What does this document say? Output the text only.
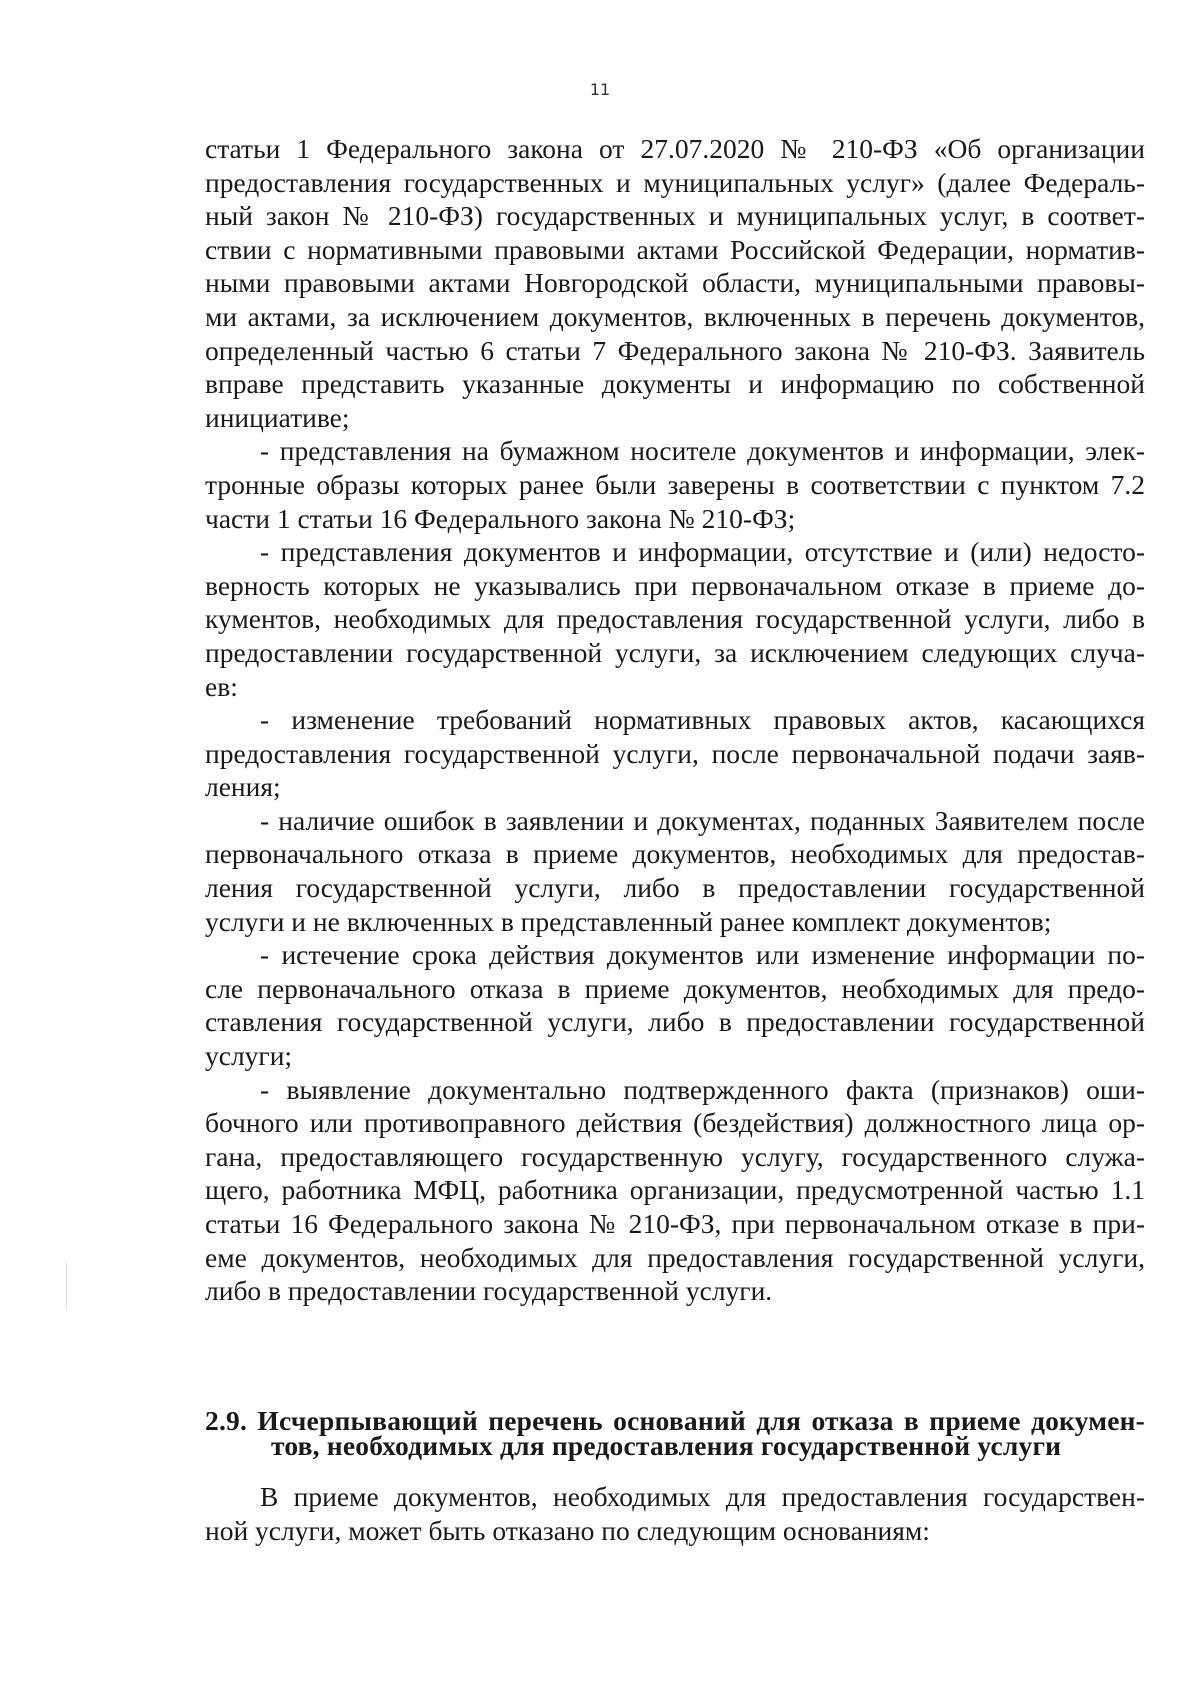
11
статьи 1 Федерального закона от 27.07.2020 № 210-ФЗ «Об организации
предоставления государственных и муниципальных услуг» (далее Федераль-
ный закон № 210-ФЗ) государственных и муниципальных услуг, в соответ-
ствии с нормативными правовыми актами Российской Федерации, норматив-
ными правовыми актами Новгородской области, муниципальными правовы-
ми актами, за исключением документов, включенных в перечень документов,
определенный частью 6 статьи 7 Федерального закона № 210-ФЗ. Заявитель
вправе представить указанные документы и информацию по собственной
инициативе;
- представления на бумажном носителе документов и информации, элек-
тронные образы которых ранее были заверены в соответствии с пунктом 7.2
части 1 статьи 16 Федерального закона № 210-ФЗ;
- представления документов и информации, отсутствие и (или) недосто-
верность которых не указывались при первоначальном отказе в приеме до-
кументов, необходимых для предоставления государственной услуги, либо в
предоставлении государственной услуги, за исключением следующих случа-
ев:
- изменение требований нормативных правовых актов, касающихся
предоставления государственной услуги, после первоначальной подачи заяв-
ления;
- наличие ошибок в заявлении и документах, поданных Заявителем после
первоначального отказа в приеме документов, необходимых для предостав-
ления государственной услуги, либо в предоставлении государственной
услуги и не включенных в представленный ранее комплект документов;
- истечение срока действия документов или изменение информации по-
сле первоначального отказа в приеме документов, необходимых для предо-
ставления государственной услуги, либо в предоставлении государственной
услуги;
- выявление документально подтвержденного факта (признаков) оши-
бочного или противоправного действия (бездействия) должностного лица ор-
гана, предоставляющего государственную услугу, государственного служа-
щего, работника МФЦ, работника организации, предусмотренной частью 1.1
статьи 16 Федерального закона № 210-ФЗ, при первоначальном отказе в при-
еме документов, необходимых для предоставления государственной услуги,
либо в предоставлении государственной услуги.
2.9. Исчерпывающий перечень оснований для отказа в приеме докумен-
тов, необходимых для предоставления государственной услуги
В приеме документов, необходимых для предоставления государствен-
ной услуги, может быть отказано по следующим основаниям:
